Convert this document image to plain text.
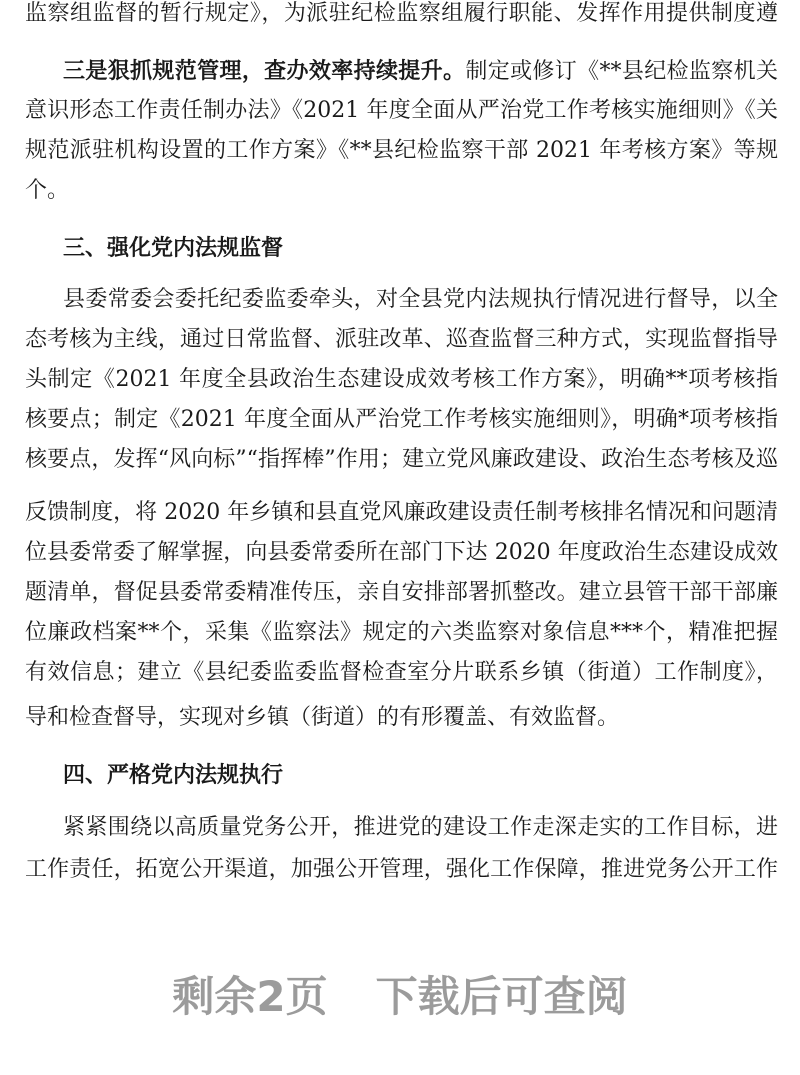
监察组监督的暂行规定》，为派驻纪检监察组履行职能、发挥作用提供制度遵
三是狠抓规范管理，查办效率持续提升。制定或修订《**县纪检监察机关
意识形态工作责任制办法》《2021 年度全面从严治党工作考核实施细则》《关
规范派驻机构设置的工作方案》《**县纪检监察干部 2021 年考核方案》等规
个。
三、强化党内法规监督
县委常委会委托纪委监委牵头，对全县党内法规执行情况进行督导，以全
态考核为主线，通过日常监督、派驻改革、巡查监督三种方式，实现监督指导
头制定《2021 年度全县政治生态建设成效考核工作方案》，明确**项考核指
核要点；制定《2021 年度全面从严治党工作考核实施细则》，明确*项考核指
核要点，发挥“风向标”“指挥棒”作用；建立党风廉政建设、政治生态考核及巡
反馈制度，将 2020 年乡镇和县直党风廉政建设责任制考核排名情况和问题清
位县委常委了解掌握，向县委常委所在部门下达 2020 年度政治生态建设成效
题清单，督促县委常委精准传压，亲自安排部署抓整改。建立县管干部干部廉
位廉政档案**个，采集《监察法》规定的六类监察对象信息***个，精准把握
有效信息；建立《县纪委监委监督检查室分片联系乡镇（街道）工作制度》，
导和检查督导，实现对乡镇（街道）的有形覆盖、有效监督。
四、严格党内法规执行
紧紧围绕以高质量党务公开，推进党的建设工作走深走实的工作目标，进
工作责任，拓宽公开渠道，加强公开管理，强化工作保障，推进党务公开工作
剩余2页 下载后可查阅
